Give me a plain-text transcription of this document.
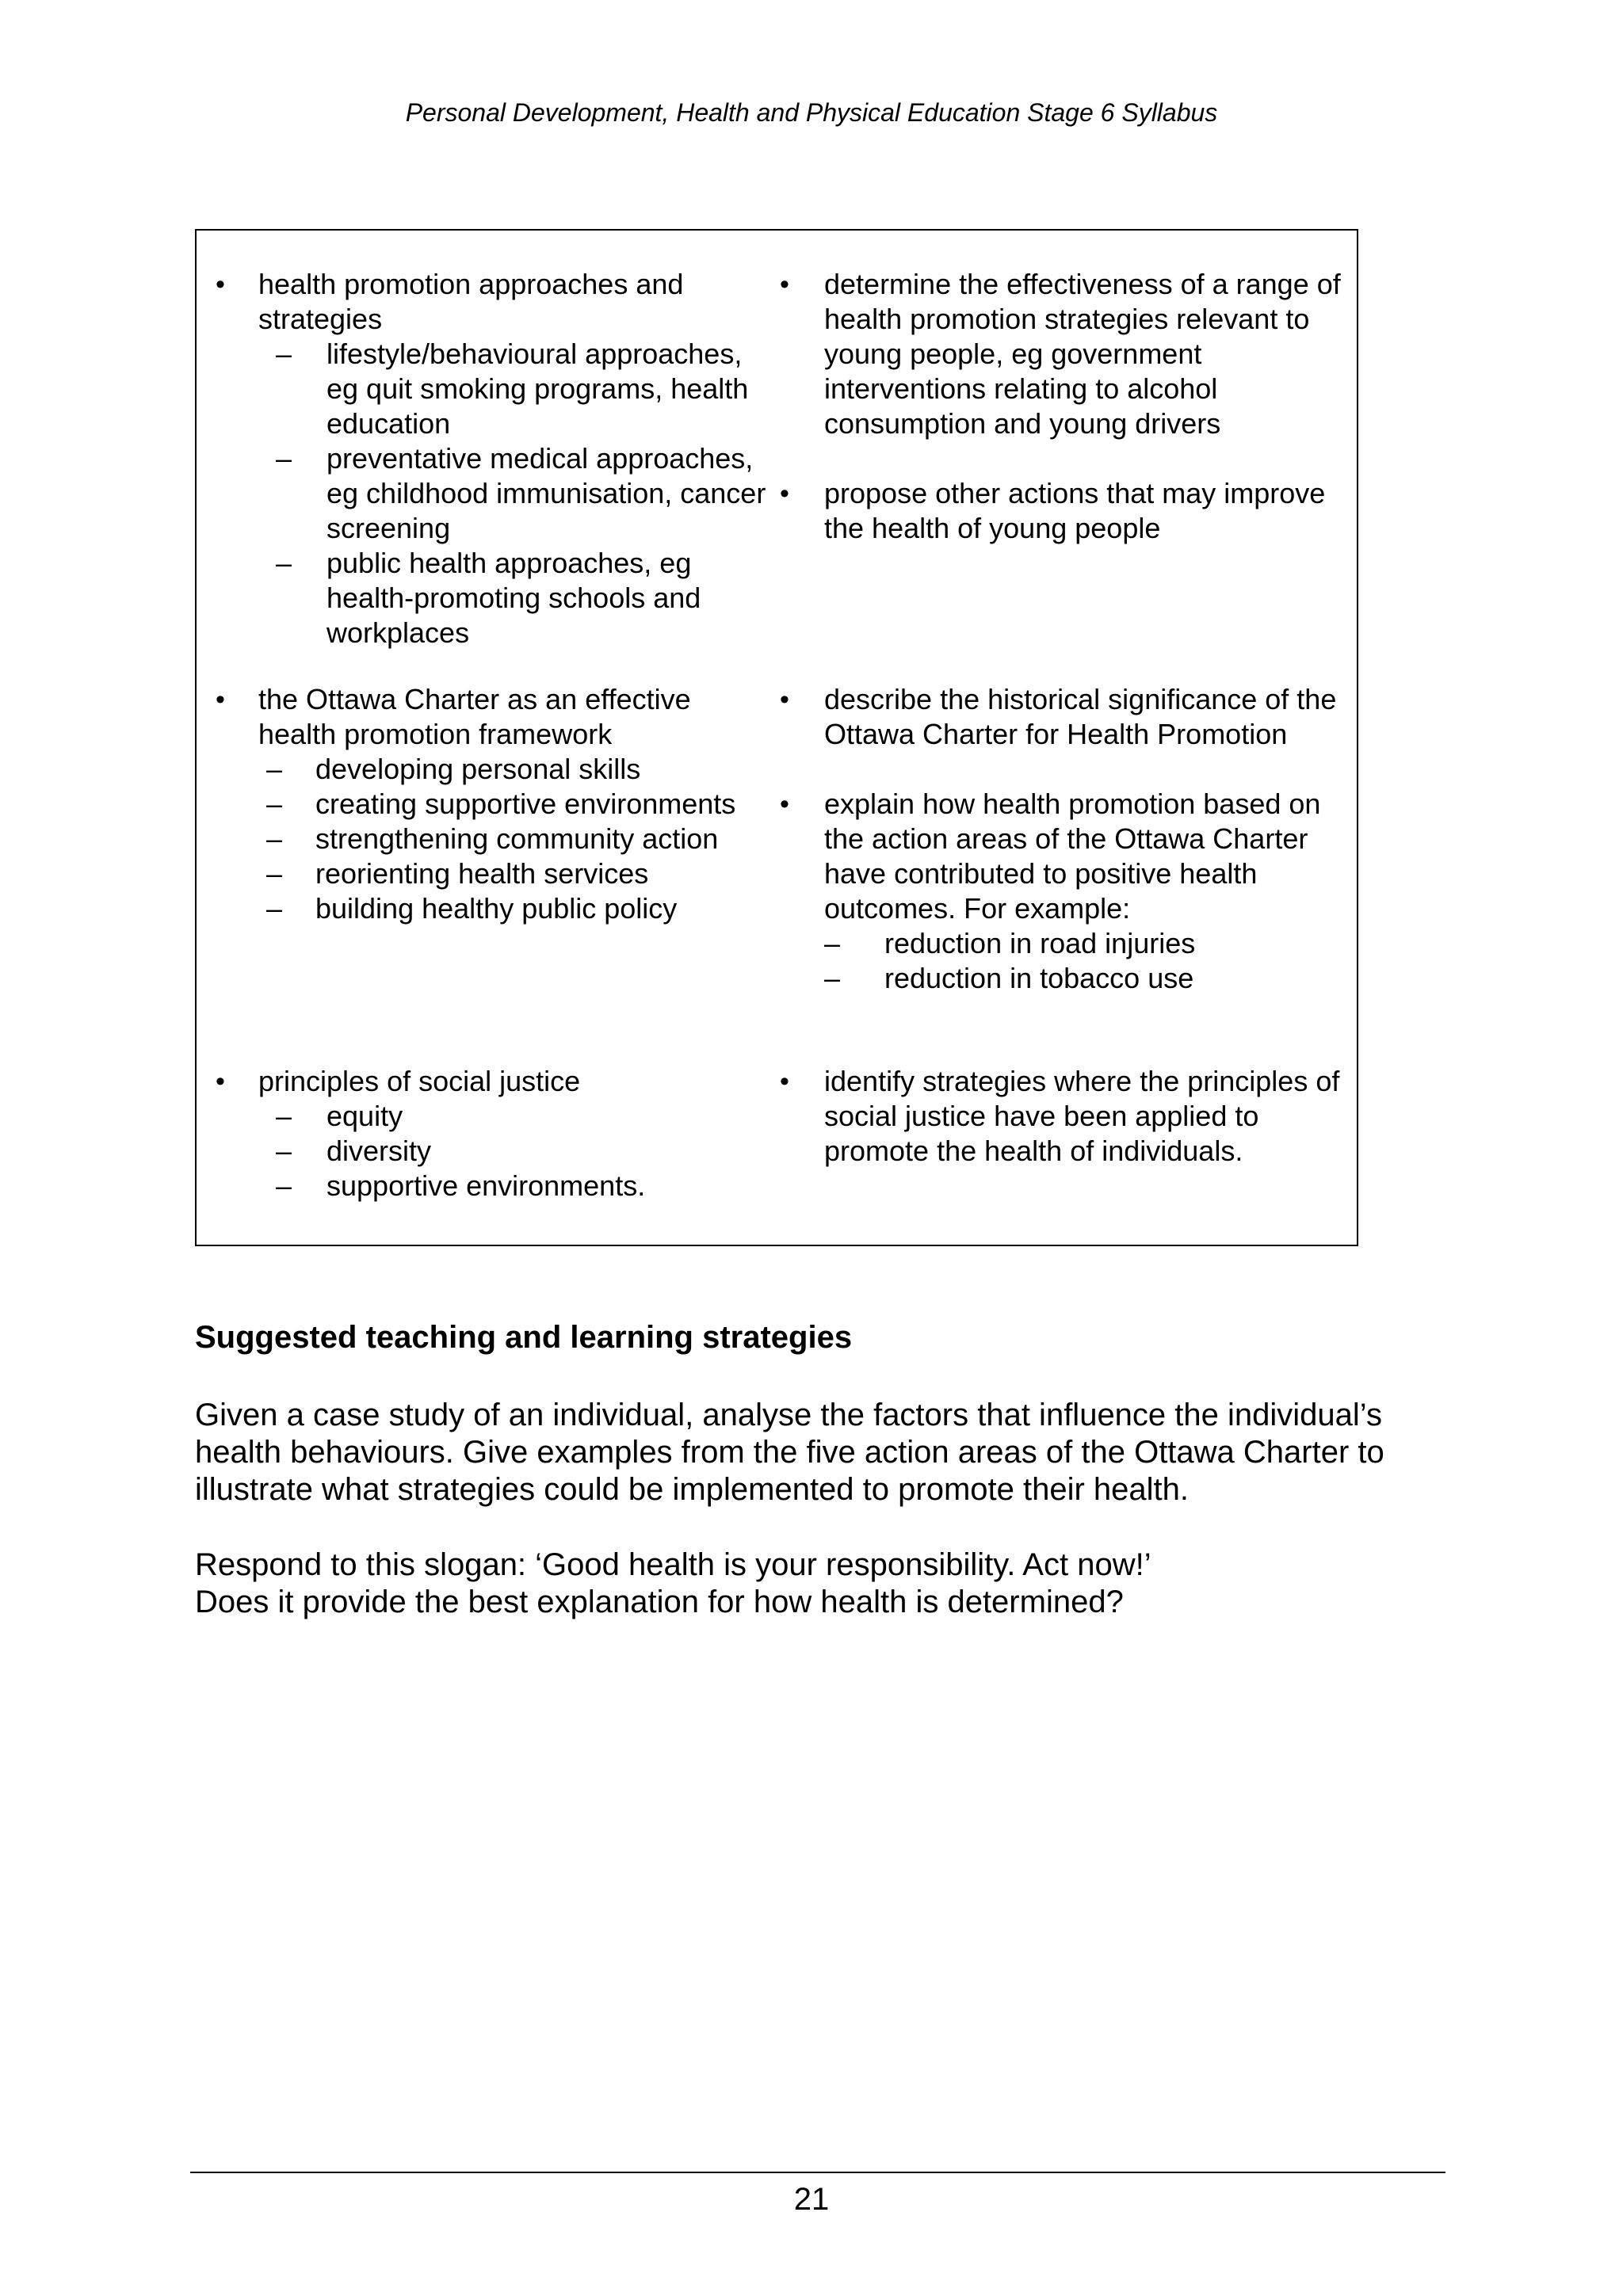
Personal Development, Health and Physical Education Stage 6 Syllabus
• health promotion approaches and strategies
– lifestyle/behavioural approaches, eg quit smoking programs, health education
– preventative medical approaches, eg childhood immunisation, cancer screening
– public health approaches, eg health-promoting schools and workplaces
• determine the effectiveness of a range of health promotion strategies relevant to young people, eg government interventions relating to alcohol consumption and young drivers
• propose other actions that may improve the health of young people
• the Ottawa Charter as an effective health promotion framework
– developing personal skills
– creating supportive environments
– strengthening community action
– reorienting health services
– building healthy public policy
• describe the historical significance of the Ottawa Charter for Health Promotion
• explain how health promotion based on the action areas of the Ottawa Charter have contributed to positive health outcomes. For example:
– reduction in road injuries
– reduction in tobacco use
• principles of social justice
– equity
– diversity
– supportive environments.
• identify strategies where the principles of social justice have been applied to promote the health of individuals.
Suggested teaching and learning strategies

Given a case study of an individual, analyse the factors that influence the individual’s health behaviours. Give examples from the five action areas of the Ottawa Charter to illustrate what strategies could be implemented to promote their health.

Respond to this slogan: ‘Good health is your responsibility. Act now!’
Does it provide the best explanation for how health is determined?

21
